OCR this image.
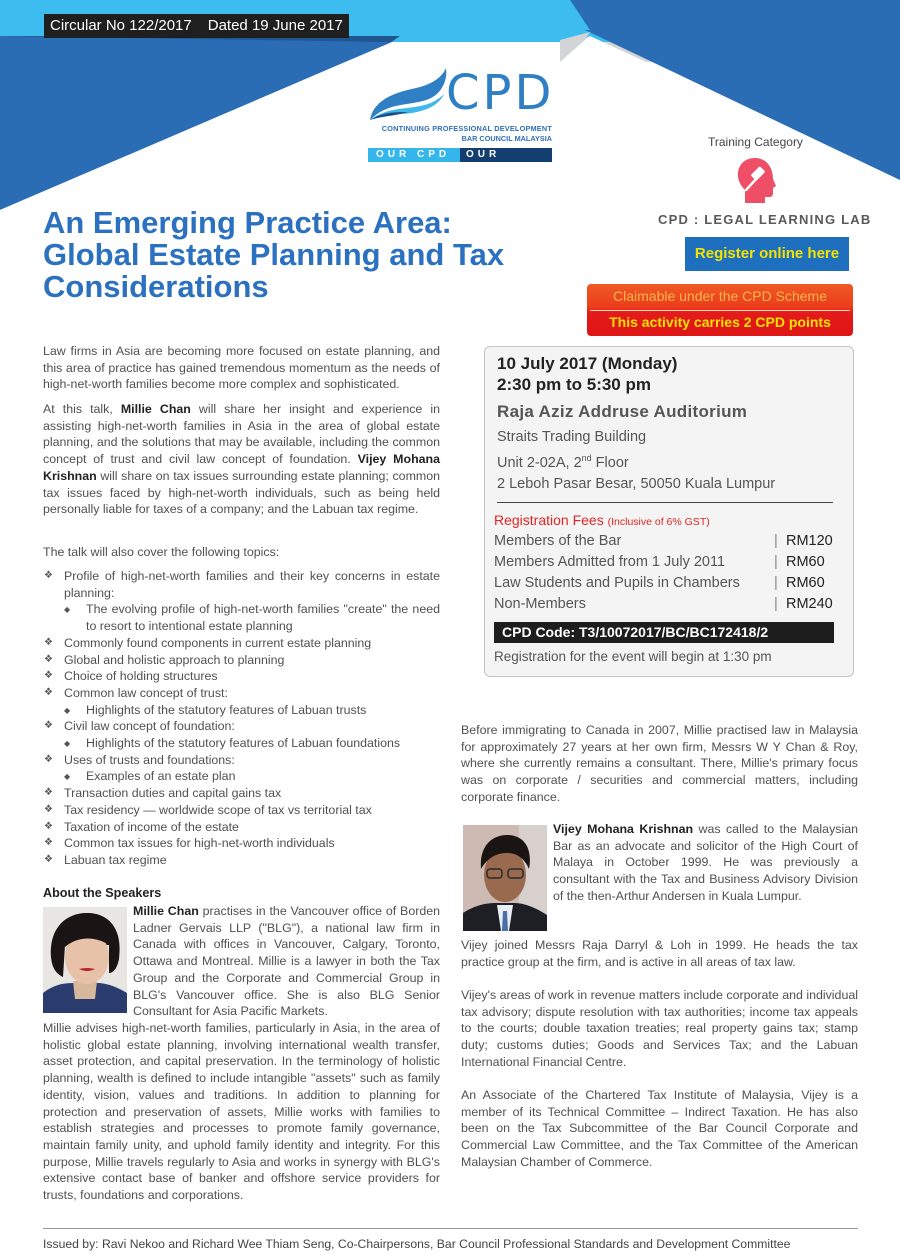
Circular No 122/2017 Dated 19 June 2017
CPD
CONTINUING PROFESSIONAL DEVELOPMENT
BAR COUNCIL MALAYSIA
OUR CPD	OUR FUTURE
An Emerging Practice Area: Global Estate Planning and Tax Considerations
Training Category
CPD : LEGAL LEARNING LAB
Register online here
Claimable under the CPD Scheme
This activity carries 2 CPD points
10 July 2017 (Monday)
2:30 pm to 5:30 pm
Raja Aziz Addruse Auditorium
Straits Trading Building
Unit 2-02A, 2nd Floor
2 Leboh Pasar Besar, 50050 Kuala Lumpur
Registration Fees (Inclusive of 6% GST)
Members of the Bar	| RM120
Members Admitted from 1 July 2011	| RM60
Law Students and Pupils in Chambers | RM60
Non-Members	| RM240
CPD Code: T3/10072017/BC/BC172418/2
Registration for the event will begin at 1:30 pm
Law firms in Asia are becoming more focused on estate planning, and this area of practice has gained tremendous momentum as the needs of high-net-worth families become more complex and sophisticated.
At this talk, Millie Chan will share her insight and experience in assisting high-net-worth families in Asia in the area of global estate planning, and the solutions that may be available, including the common concept of trust and civil law concept of foundation. Vijey Mohana Krishnan will share on tax issues surrounding estate planning; common tax issues faced by high-net-worth individuals, such as being held personally liable for taxes of a company; and the Labuan tax regime.
The talk will also cover the following topics:
❖ Profile of high-net-worth families and their key concerns in estate planning:
◆ The evolving profile of high-net-worth families "create" the need to resort to intentional estate planning
❖ Commonly found components in current estate planning
❖ Global and holistic approach to planning
❖ Choice of holding structures
❖ Common law concept of trust:
◆ Highlights of the statutory features of Labuan trusts
❖ Civil law concept of foundation:
◆ Highlights of the statutory features of Labuan foundations
❖ Uses of trusts and foundations:
◆ Examples of an estate plan
❖ Transaction duties and capital gains tax
❖ Tax residency — worldwide scope of tax vs territorial tax
❖ Taxation of income of the estate
❖ Common tax issues for high-net-worth individuals
❖ Labuan tax regime
About the Speakers
Millie Chan practises in the Vancouver office of Borden Ladner Gervais LLP ("BLG"), a national law firm in Canada with offices in Vancouver, Calgary, Toronto, Ottawa and Montreal. Millie is a lawyer in both the Tax Group and the Corporate and Commercial Group in BLG's Vancouver office. She is also BLG Senior Consultant for Asia Pacific Markets.
Millie advises high-net-worth families, particularly in Asia, in the area of holistic global estate planning, involving international wealth transfer, asset protection, and capital preservation. In the terminology of holistic planning, wealth is defined to include intangible "assets" such as family identity, vision, values and traditions. In addition to planning for protection and preservation of assets, Millie works with families to establish strategies and processes to promote family governance, maintain family unity, and uphold family identity and integrity. For this purpose, Millie travels regularly to Asia and works in synergy with BLG's extensive contact base of banker and offshore service providers for trusts, foundations and corporations.
Before immigrating to Canada in 2007, Millie practised law in Malaysia for approximately 27 years at her own firm, Messrs W Y Chan & Roy, where she currently remains a consultant. There, Millie's primary focus was on corporate / securities and commercial matters, including corporate finance.
Vijey Mohana Krishnan was called to the Malaysian Bar as an advocate and solicitor of the High Court of Malaya in October 1999. He was previously a consultant with the Tax and Business Advisory Division of the then-Arthur Andersen in Kuala Lumpur.
Vijey joined Messrs Raja Darryl & Loh in 1999. He heads the tax practice group at the firm, and is active in all areas of tax law.
Vijey's areas of work in revenue matters include corporate and individual tax advisory; dispute resolution with tax authorities; income tax appeals to the courts; double taxation treaties; real property gains tax; stamp duty; customs duties; Goods and Services Tax; and the Labuan International Financial Centre.
An Associate of the Chartered Tax Institute of Malaysia, Vijey is a member of its Technical Committee – Indirect Taxation. He has also been on the Tax Subcommittee of the Bar Council Corporate and Commercial Law Committee, and the Tax Committee of the American Malaysian Chamber of Commerce.
Issued by: Ravi Nekoo and Richard Wee Thiam Seng, Co-Chairpersons, Bar Council Professional Standards and Development Committee
